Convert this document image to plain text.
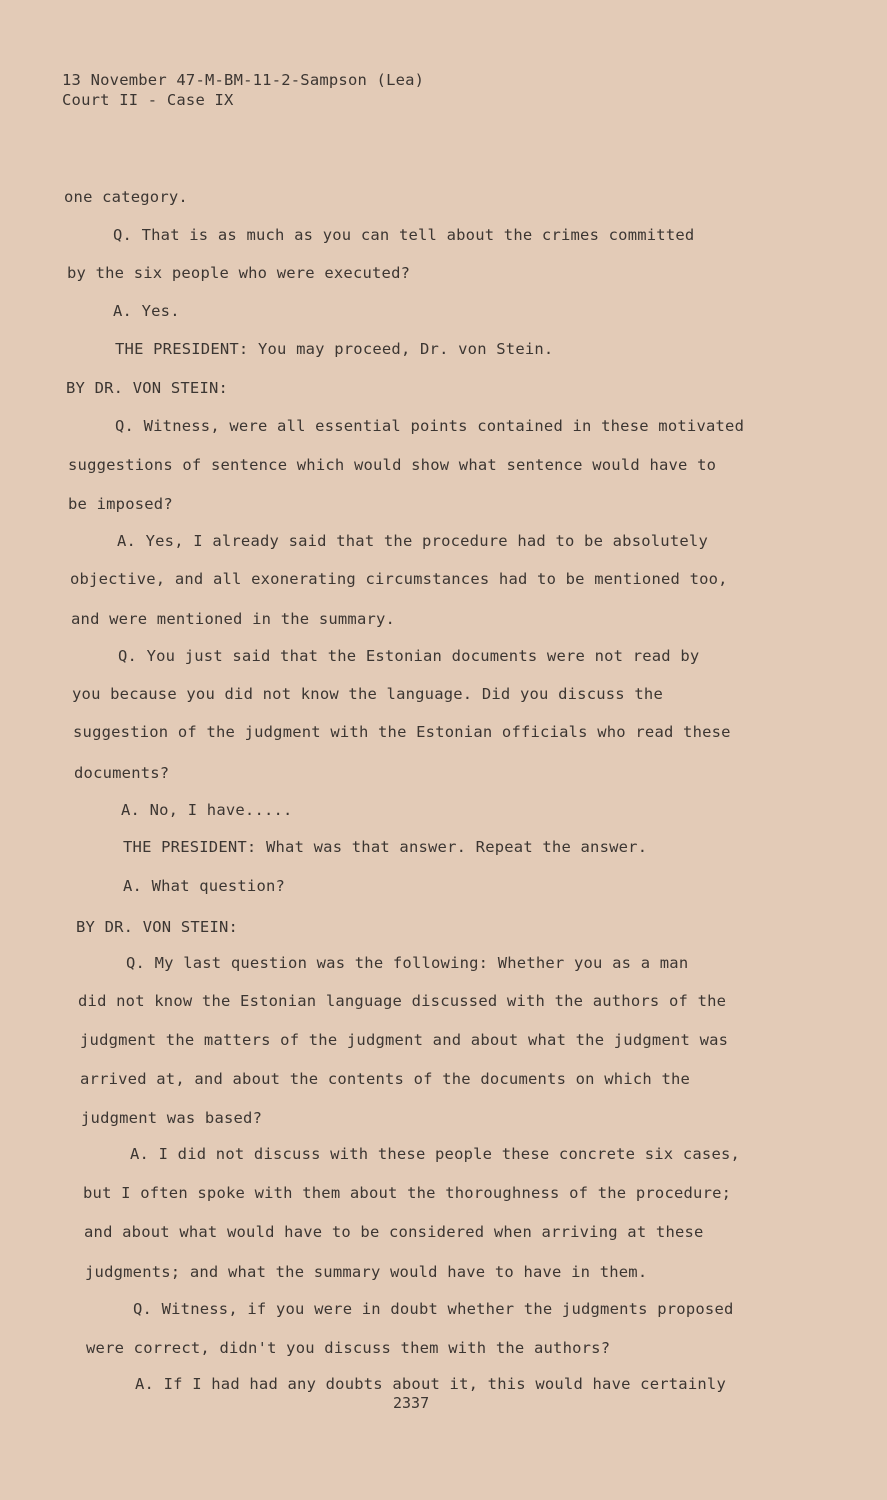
13 November 47-M-BM-11-2-Sampson (Lea)
Court II - Case IX
one category.
Q. That is as much as you can tell about the crimes committed
by the six people who were executed?
A. Yes.
THE PRESIDENT: You may proceed, Dr. von Stein.
BY DR. VON STEIN:
Q. Witness, were all essential points contained in these motivated
suggestions of sentence which would show what sentence would have to
be imposed?
A. Yes, I already said that the procedure had to be absolutely
objective, and all exonerating circumstances had to be mentioned too,
and were mentioned in the summary.
Q. You just said that the Estonian documents were not read by
you because you did not know the language. Did you discuss the
suggestion of the judgment with the Estonian officials who read these
documents?
A. No, I have.....
THE PRESIDENT: What was that answer. Repeat the answer.
A. What question?
BY DR. VON STEIN:
Q. My last question was the following: Whether you as a man
did not know the Estonian language discussed with the authors of the
judgment the matters of the judgment and about what the judgment was
arrived at, and about the contents of the documents on which the
judgment was based?
A. I did not discuss with these people these concrete six cases,
but I often spoke with them about the thoroughness of the procedure;
and about what would have to be considered when arriving at these
judgments; and what the summary would have to have in them.
Q. Witness, if you were in doubt whether the judgments proposed
were correct, didn't you discuss them with the authors?
A. If I had had any doubts about it, this would have certainly
2337
